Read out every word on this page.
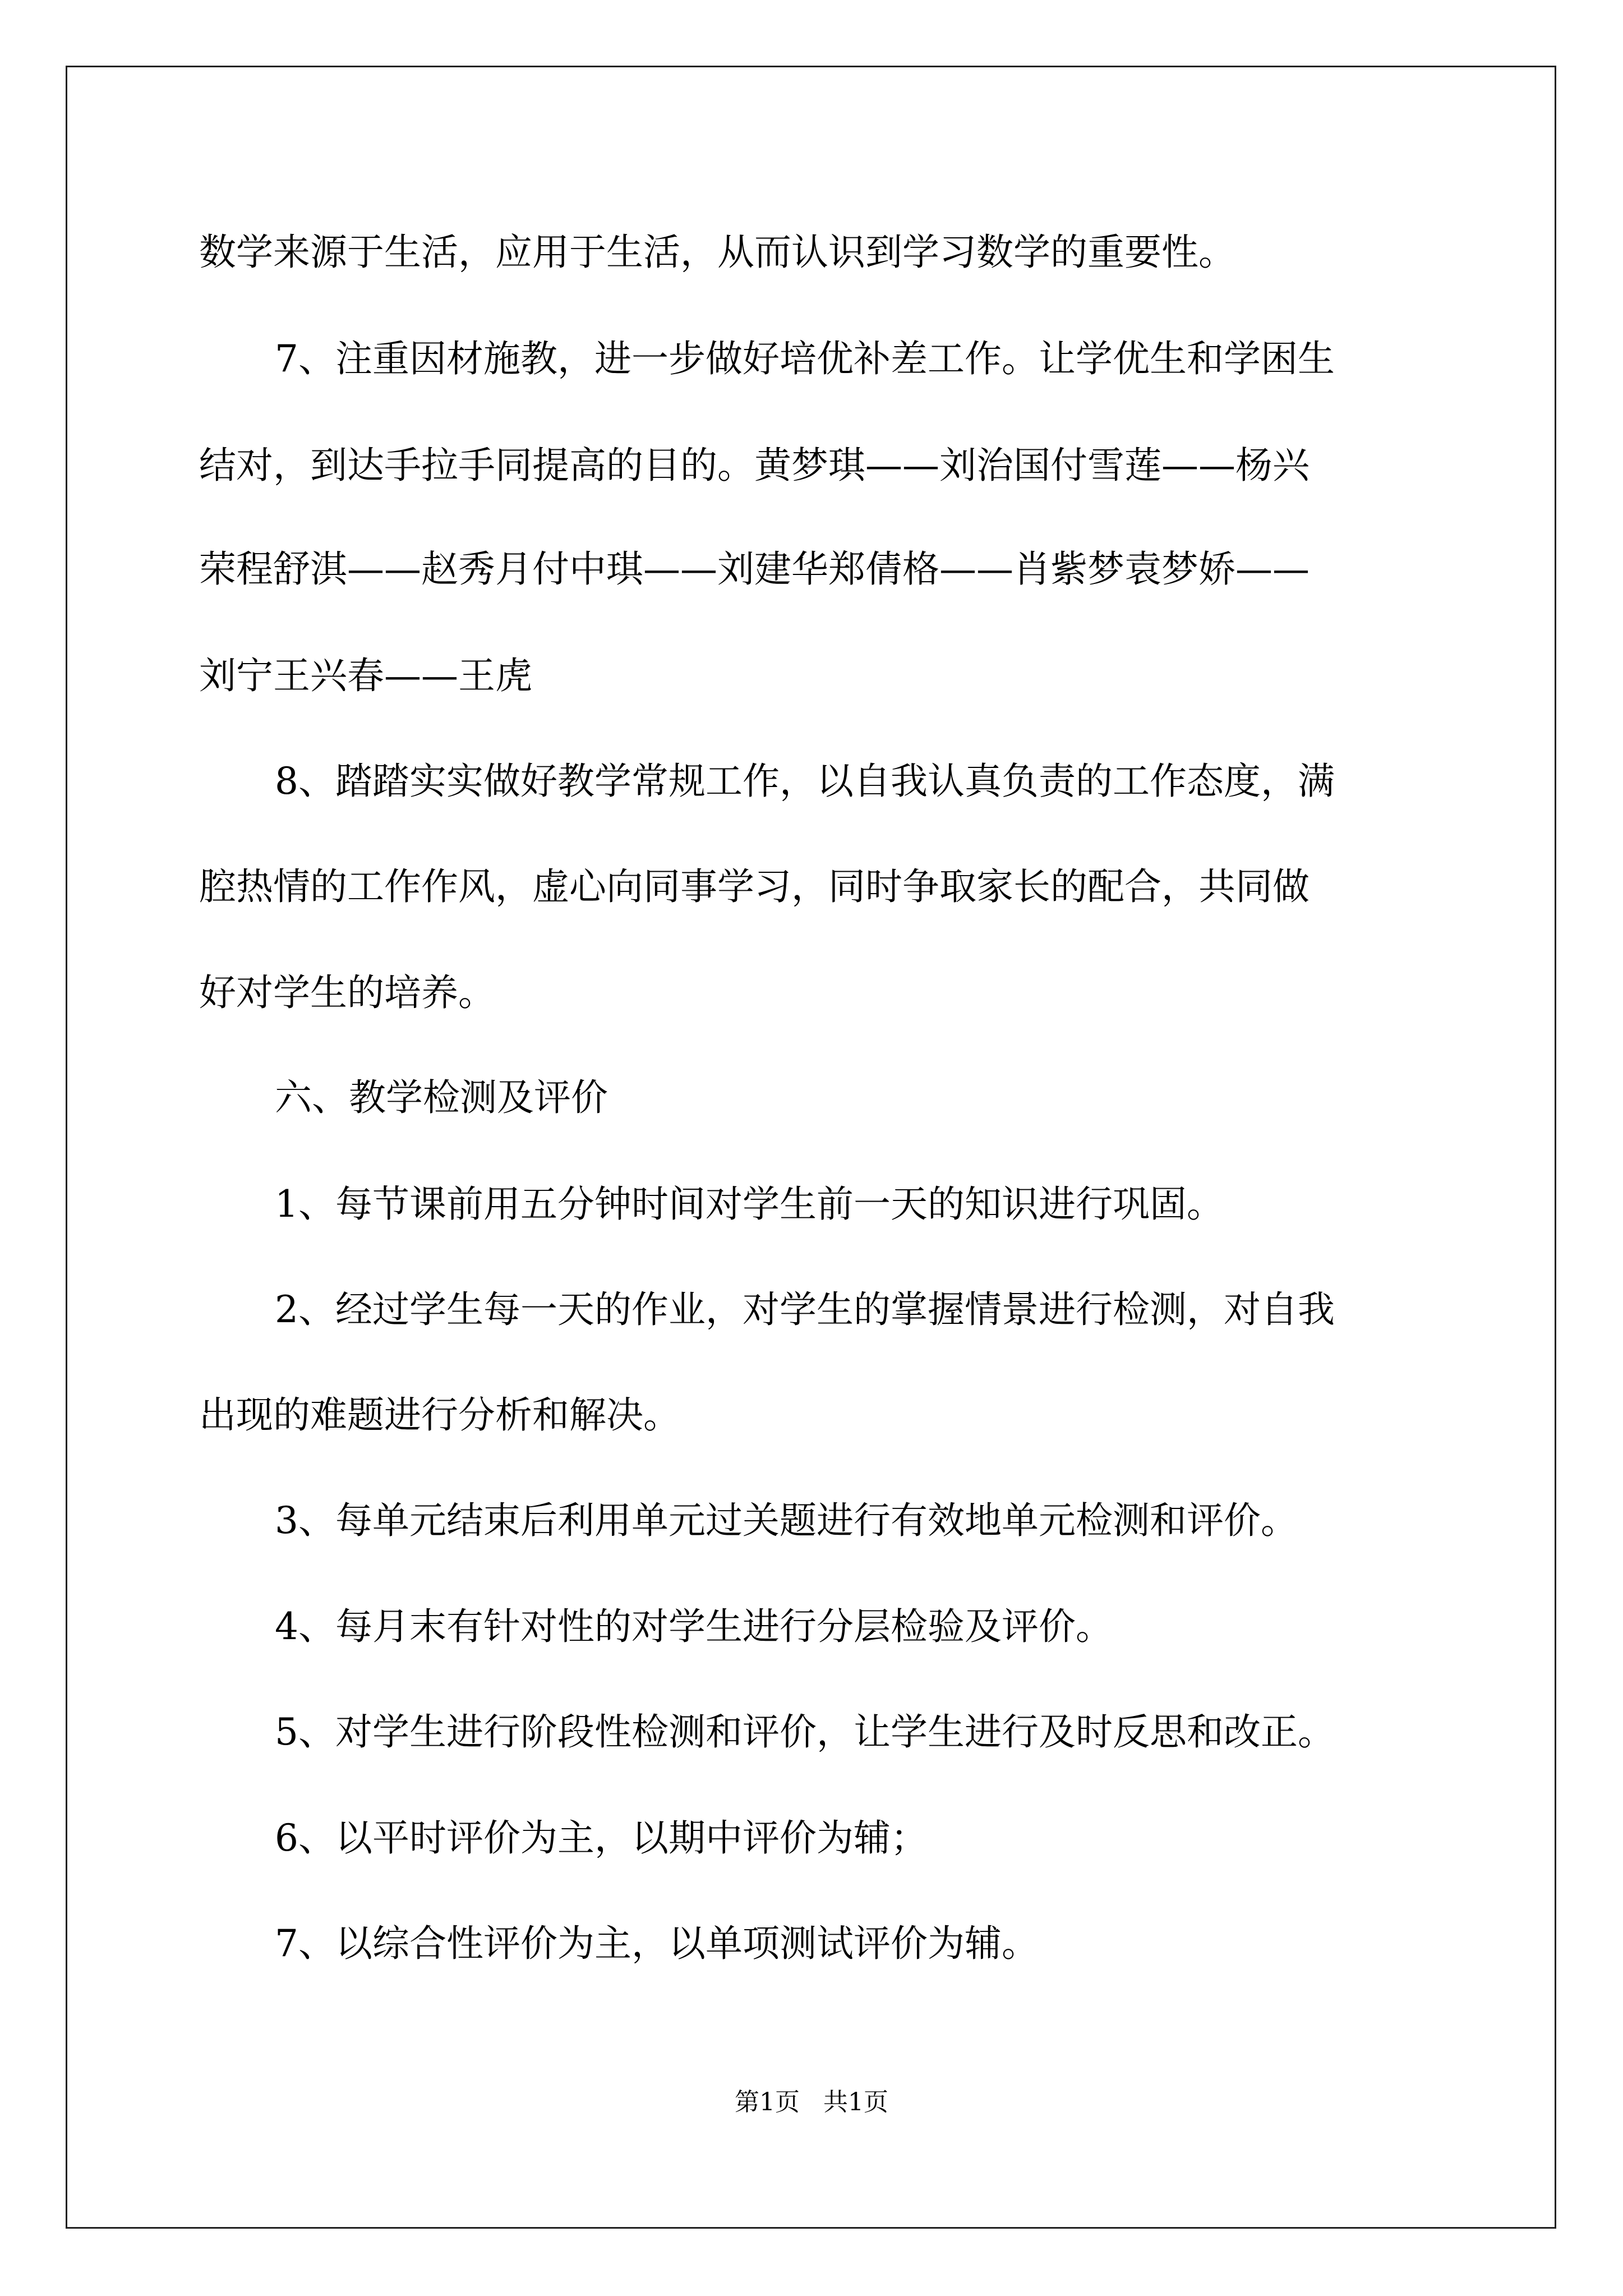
数学来源于生活，应用于生活，从而认识到学习数学的重要性。
7、注重因材施教，进一步做好培优补差工作。让学优生和学困生
结对，到达手拉手同提高的目的。黄梦琪——刘治国付雪莲——杨兴
荣程舒淇——赵秀月付中琪——刘建华郑倩格——肖紫梦袁梦娇——
刘宁王兴春——王虎
8、踏踏实实做好教学常规工作，以自我认真负责的工作态度，满
腔热情的工作作风，虚心向同事学习，同时争取家长的配合，共同做
好对学生的培养。
六、教学检测及评价
1、每节课前用五分钟时间对学生前一天的知识进行巩固。
2、经过学生每一天的作业，对学生的掌握情景进行检测，对自我
出现的难题进行分析和解决。
3、每单元结束后利用单元过关题进行有效地单元检测和评价。
4、每月末有针对性的对学生进行分层检验及评价。
5、对学生进行阶段性检测和评价，让学生进行及时反思和改正。
6、以平时评价为主，以期中评价为辅；
7、以综合性评价为主，以单项测试评价为辅。
第1页   共1页
